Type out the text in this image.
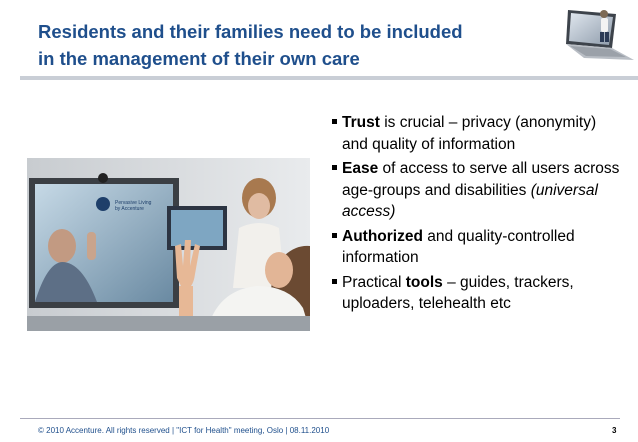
Residents and their families need to be included
in the management of their own care
Pervasive Living by Accenture
Trust is crucial – privacy (anonymity) and quality of information
Ease of access to serve all users across age-groups and disabilities (universal access)
Authorized and quality-controlled information
Practical tools – guides, trackers, uploaders, telehealth etc
© 2010 Accenture. All rights reserved | "ICT for Health" meeting, Oslo | 08.11.2010	3
